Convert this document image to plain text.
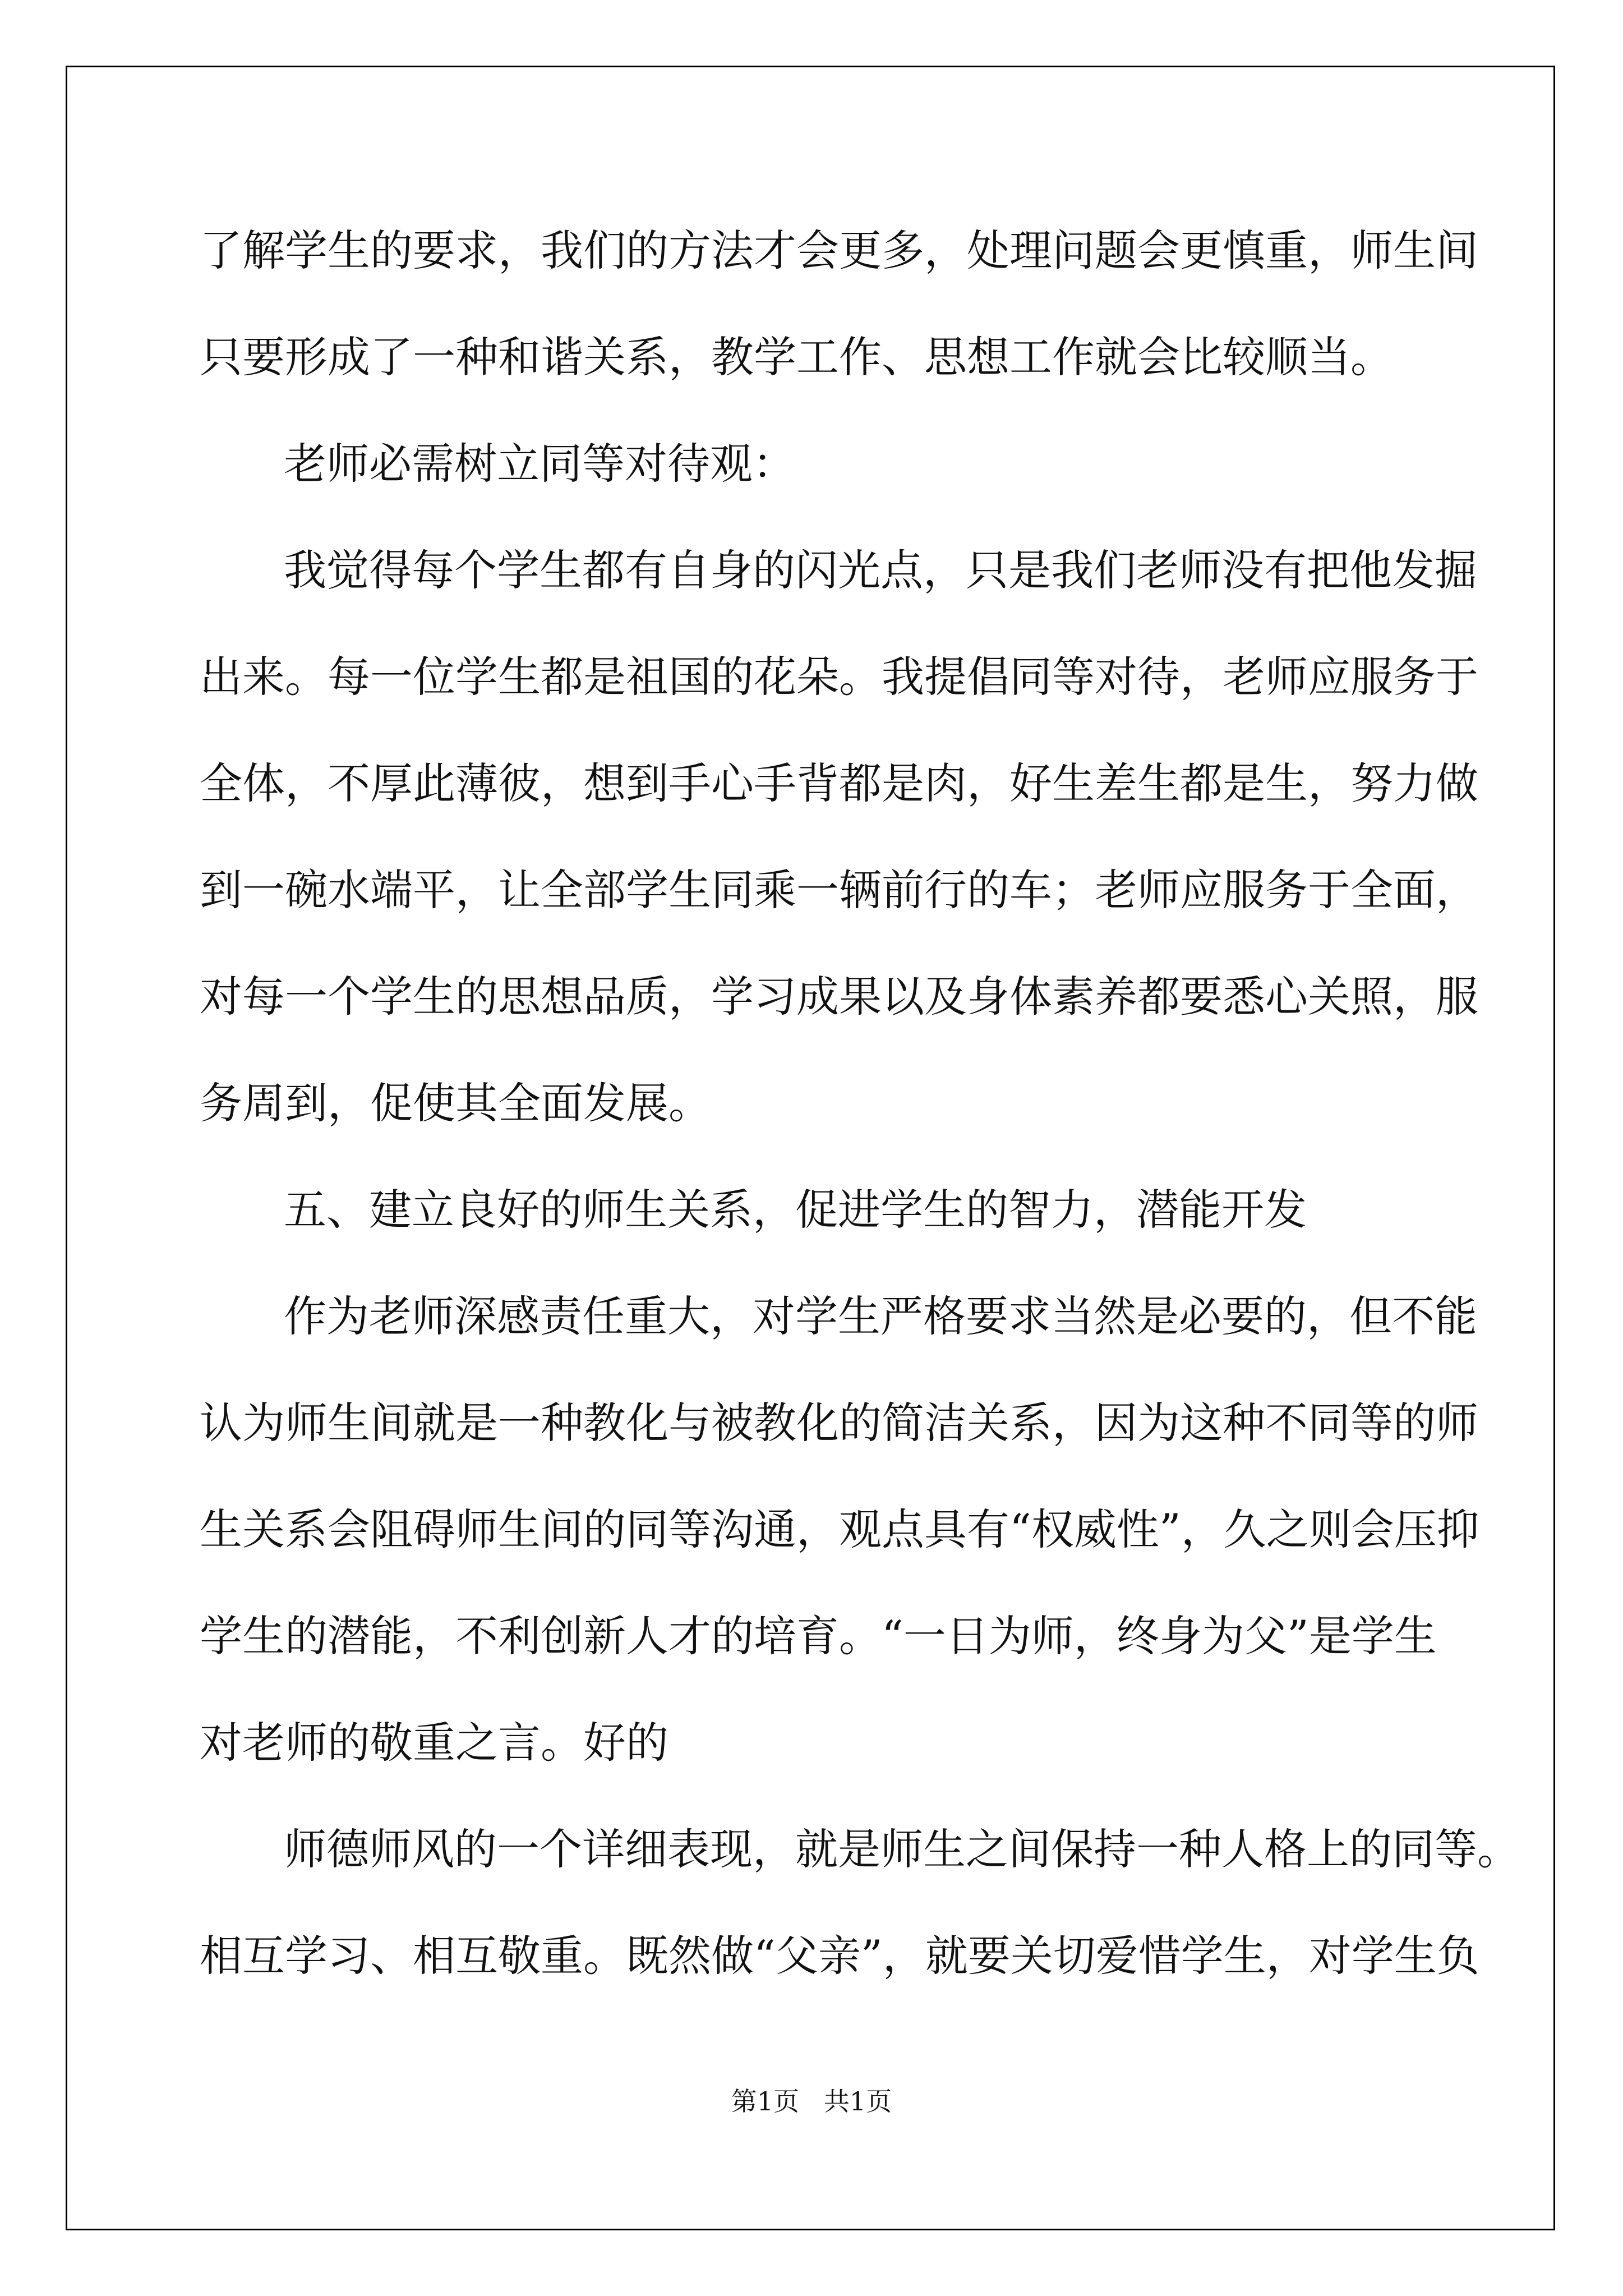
了解学生的要求，我们的方法才会更多，处理问题会更慎重，师生间

只要形成了一种和谐关系，教学工作、思想工作就会比较顺当。

老师必需树立同等对待观：

我觉得每个学生都有自身的闪光点，只是我们老师没有把他发掘

出来。每一位学生都是祖国的花朵。我提倡同等对待，老师应服务于

全体，不厚此薄彼，想到手心手背都是肉，好生差生都是生，努力做

到一碗水端平，让全部学生同乘一辆前行的车；老师应服务于全面，

对每一个学生的思想品质，学习成果以及身体素养都要悉心关照，服

务周到，促使其全面发展。

五、建立良好的师生关系，促进学生的智力，潜能开发

作为老师深感责任重大，对学生严格要求当然是必要的，但不能

认为师生间就是一种教化与被教化的简洁关系，因为这种不同等的师

生关系会阻碍师生间的同等沟通，观点具有“权威性”，久之则会压抑

学生的潜能，不利创新人才的培育。“一日为师，终身为父”是学生

对老师的敬重之言。好的

师德师风的一个详细表现，就是师生之间保持一种人格上的同等。

相互学习、相互敬重。既然做“父亲”，就要关切爱惜学生，对学生负

第1页   共1页
